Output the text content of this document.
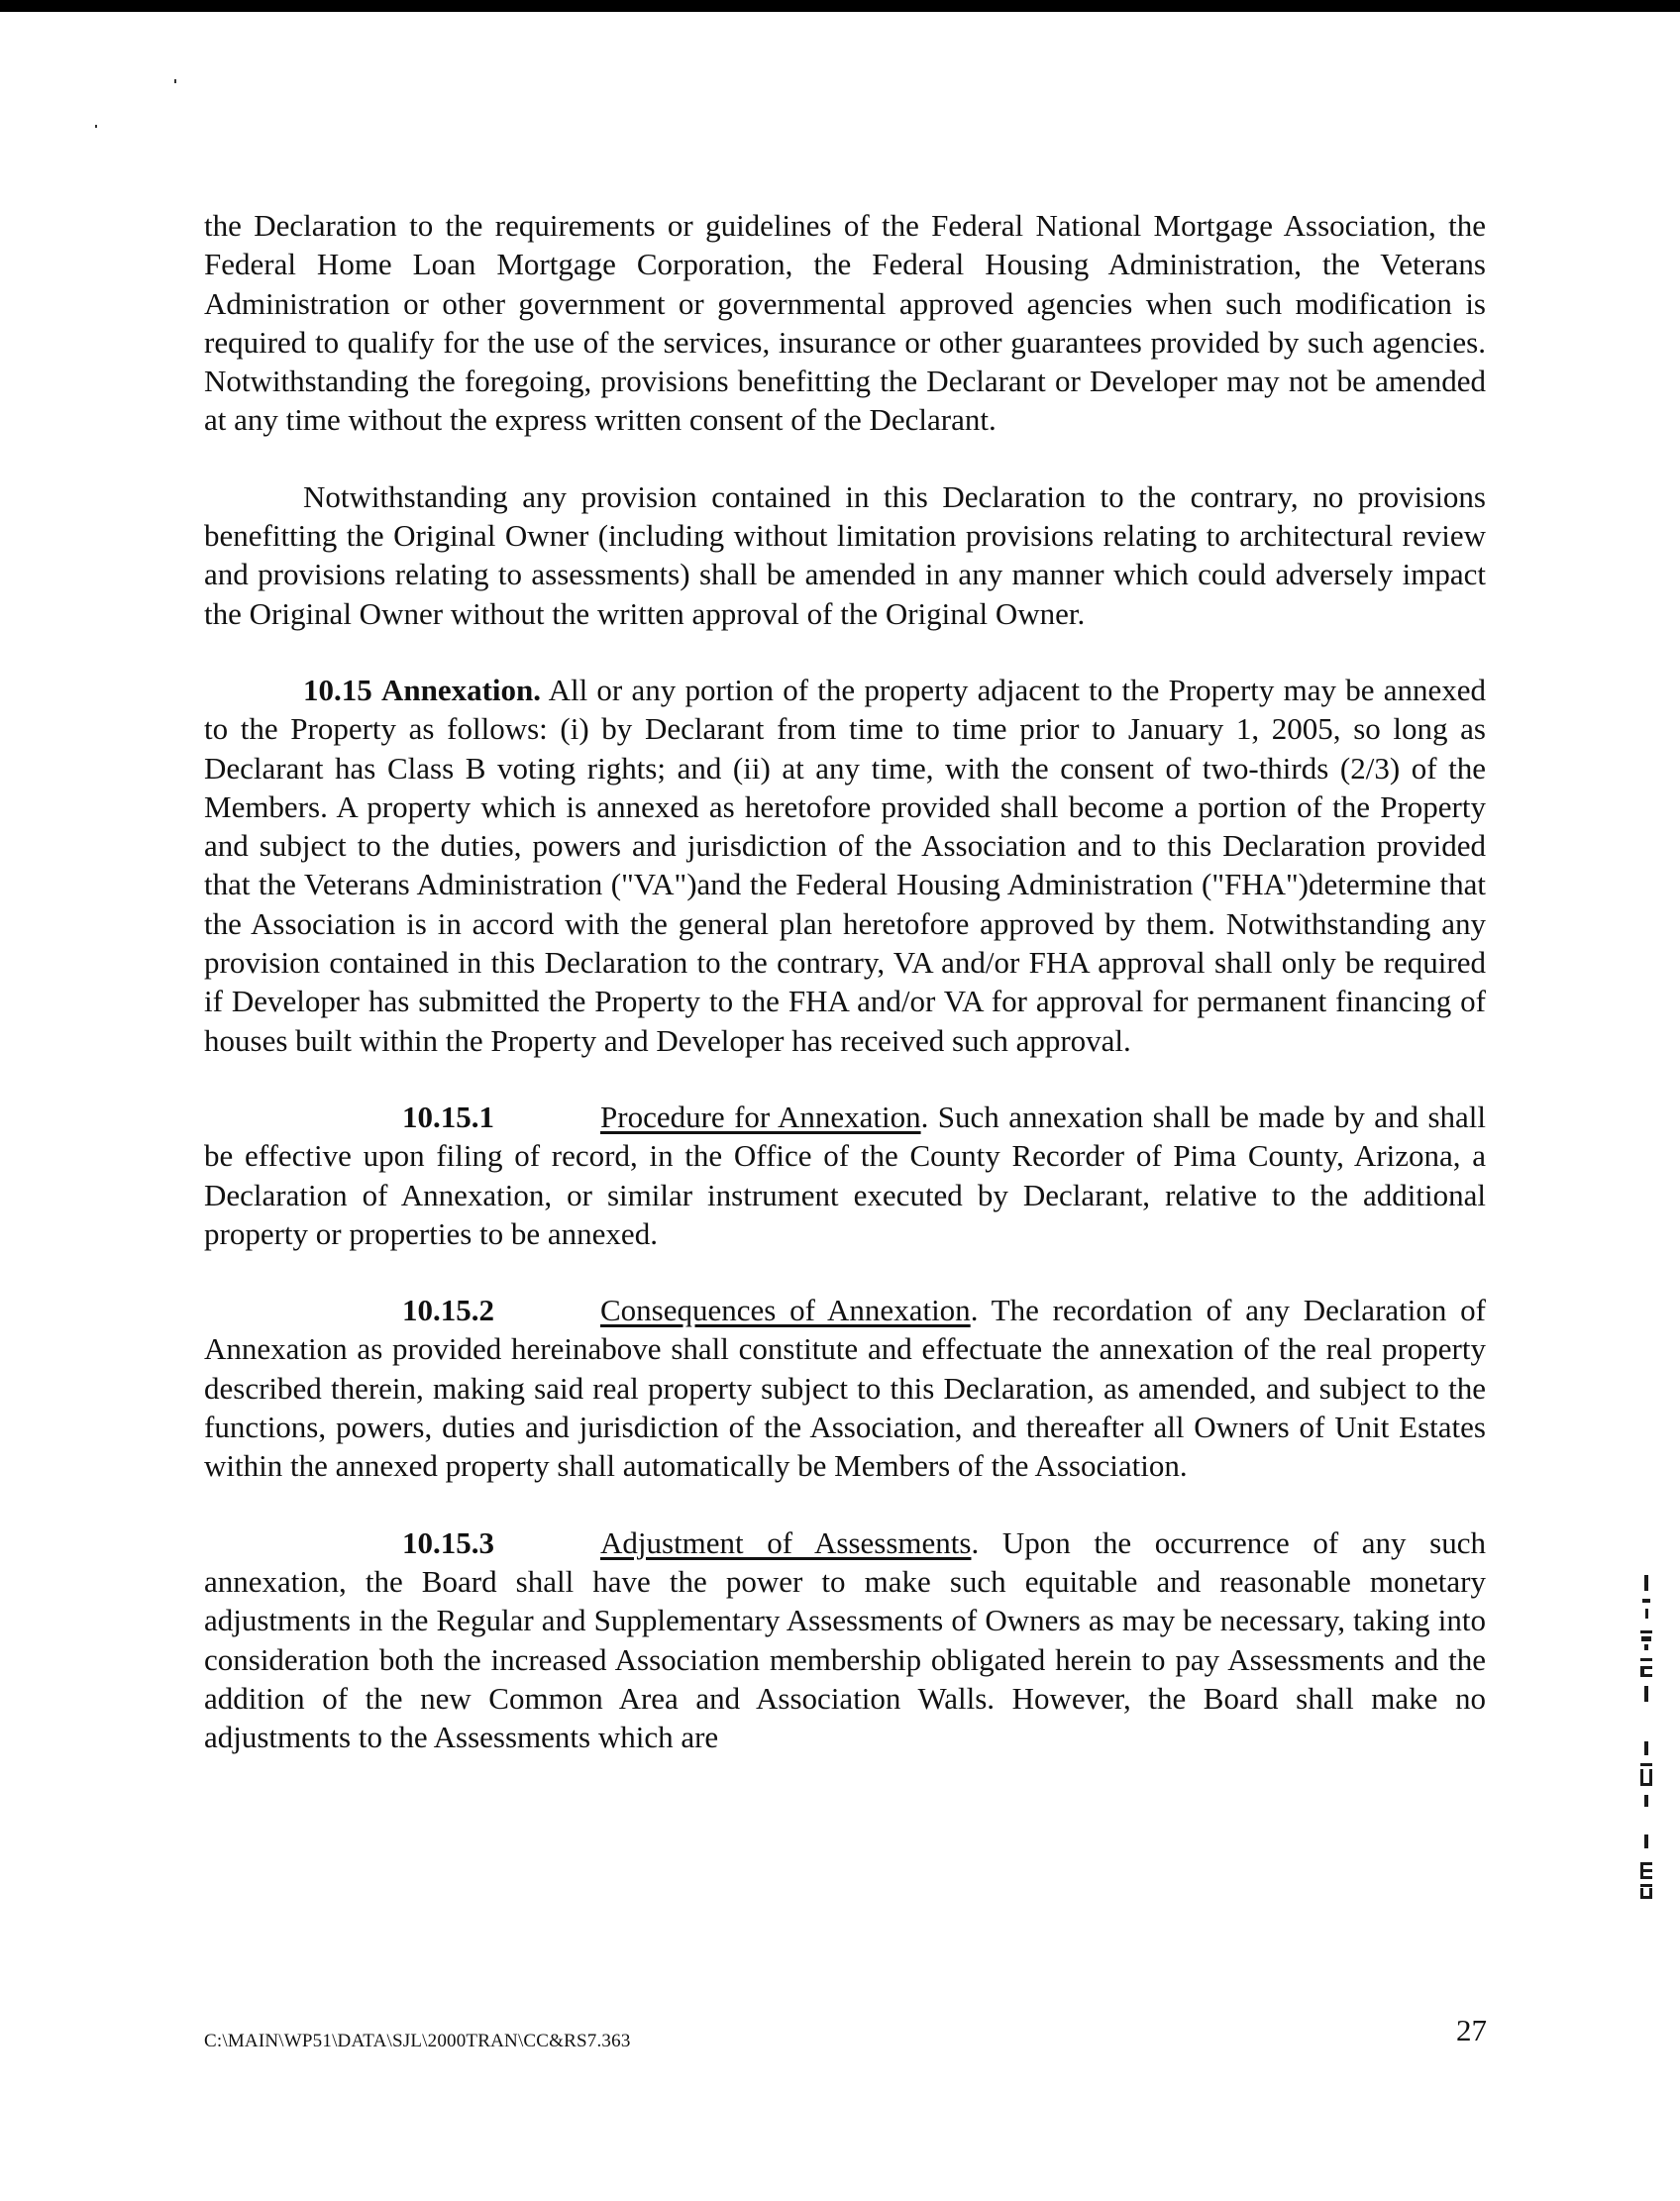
the Declaration to the requirements or guidelines of the Federal National Mortgage Association, the Federal Home Loan Mortgage Corporation, the Federal Housing Administration, the Veterans Administration or other government or governmental approved agencies when such modification is required to qualify for the use of the services, insurance or other guarantees provided by such agencies. Notwithstanding the foregoing, provisions benefitting the Declarant or Developer may not be amended at any time without the express written consent of the Declarant.

Notwithstanding any provision contained in this Declaration to the contrary, no provisions benefitting the Original Owner (including without limitation provisions relating to architectural review and provisions relating to assessments) shall be amended in any manner which could adversely impact the Original Owner without the written approval of the Original Owner.

10.15 Annexation. All or any portion of the property adjacent to the Property may be annexed to the Property as follows: (i) by Declarant from time to time prior to January 1, 2005, so long as Declarant has Class B voting rights; and (ii) at any time, with the consent of two-thirds (2/3) of the Members. A property which is annexed as heretofore provided shall become a portion of the Property and subject to the duties, powers and jurisdiction of the Association and to this Declaration provided that the Veterans Administration ("VA")and the Federal Housing Administration ("FHA")determine that the Association is in accord with the general plan heretofore approved by them. Notwithstanding any provision contained in this Declaration to the contrary, VA and/or FHA approval shall only be required if Developer has submitted the Property to the FHA and/or VA for approval for permanent financing of houses built within the Property and Developer has received such approval.

10.15.1	Procedure for Annexation. Such annexation shall be made by and shall be effective upon filing of record, in the Office of the County Recorder of Pima County, Arizona, a Declaration of Annexation, or similar instrument executed by Declarant, relative to the additional property or properties to be annexed.

10.15.2	Consequences of Annexation. The recordation of any Declaration of Annexation as provided hereinabove shall constitute and effectuate the annexation of the real property described therein, making said real property subject to this Declaration, as amended, and subject to the functions, powers, duties and jurisdiction of the Association, and thereafter all Owners of Unit Estates within the annexed property shall automatically be Members of the Association.

10.15.3	Adjustment of Assessments. Upon the occurrence of any such annexation, the Board shall have the power to make such equitable and reasonable monetary adjustments in the Regular and Supplementary Assessments of Owners as may be necessary, taking into consideration both the increased Association membership obligated herein to pay Assessments and the addition of the new Common Area and Association Walls. However, the Board shall make no adjustments to the Assessments which are

C:\MAIN\WP51\DATA\SJL\2000TRAN\CC&RS7.363	27
